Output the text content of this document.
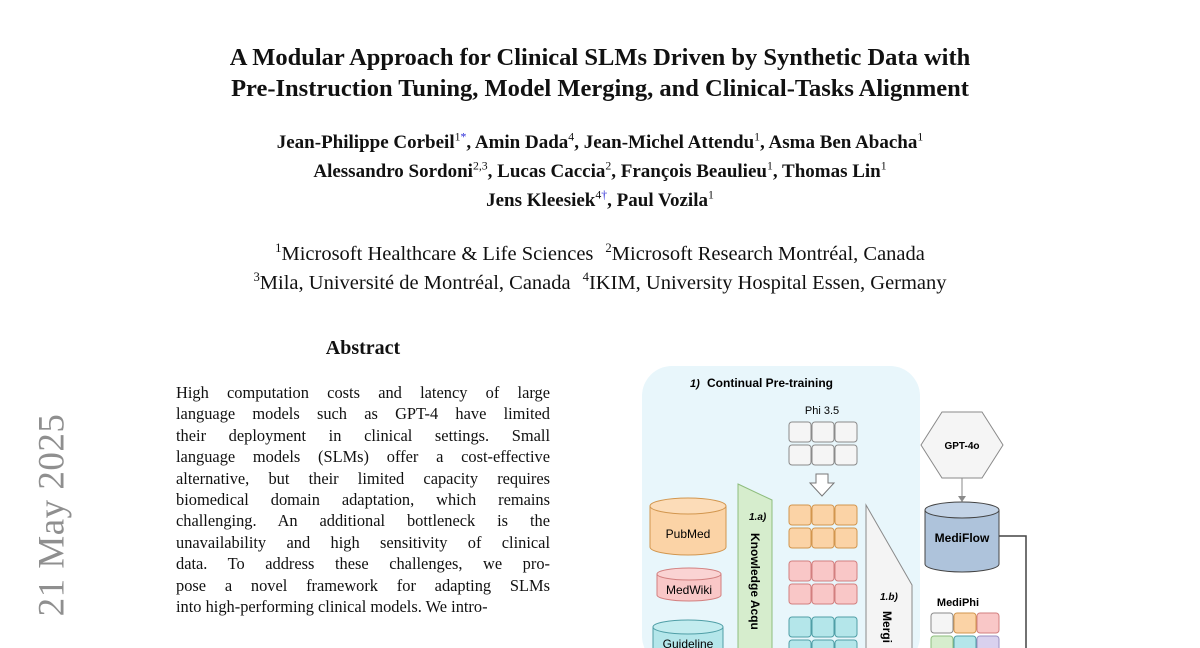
A Modular Approach for Clinical SLMs Driven by Synthetic Data with
Pre-Instruction Tuning, Model Merging, and Clinical-Tasks Alignment
Jean-Philippe Corbeil$^{1*}$, Amin Dada$^4$, Jean-Michel Attendu$^1$, Asma Ben Abacha$^1$
Alessandro Sordoni$^{2,3}$, Lucas Caccia$^2$, François Beaulieu$^1$, Thomas Lin$^1$
Jens Kleesiek$^{4\dagger}$, Paul Vozila$^1$
$^1$Microsoft Healthcare & Life Sciences $^2$Microsoft Research Montréal, Canada
$^3$Mila, Université de Montréal, Canada $^4$IKIM, University Hospital Essen, Germany
21 May 2025
Abstract
High computation costs and latency of large
language models such as GPT-4 have limited
their deployment in clinical settings. Small
language models (SLMs) offer a cost-effective
alternative, but their limited capacity requires
biomedical domain adaptation, which remains
challenging. An additional bottleneck is the
unavailability and high sensitivity of clinical
data. To address these challenges, we pro-
pose a novel framework for adapting SLMs
into high-performing clinical models. We intro-
1) Continual Pre-training
Phi 3.5
PubMed
MedWiki
Guideline
1.a)
Knowledge Acqu	1.b)
Mergi
GPT-4o
MediFlow
MediPhi
